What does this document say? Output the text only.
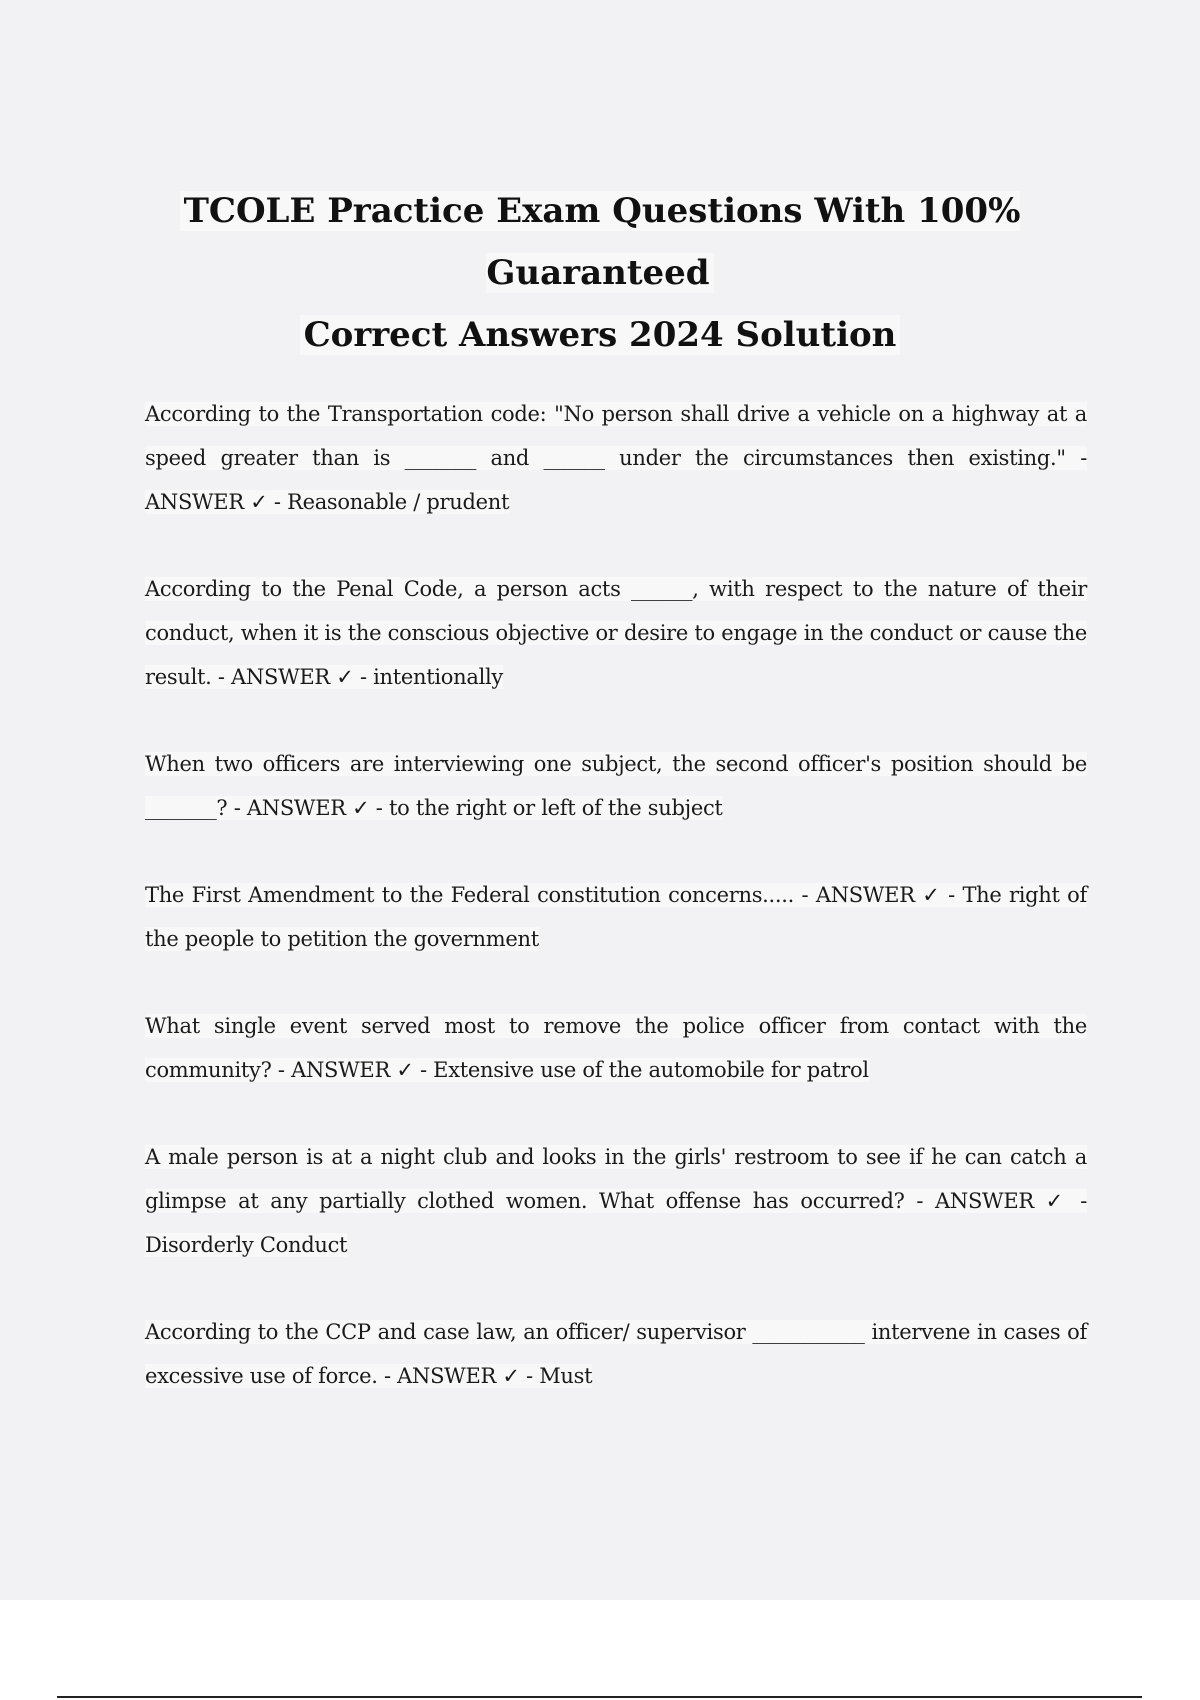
TCOLE Practice Exam Questions With 100% Guaranteed
Correct Answers 2024 Solution

According to the Transportation code: "No person shall drive a vehicle on a highway at a speed greater than is _______ and ______ under the circumstances then existing." - ANSWER ✓ - Reasonable / prudent

According to the Penal Code, a person acts ______, with respect to the nature of their conduct, when it is the conscious objective or desire to engage in the conduct or cause the result. - ANSWER ✓ - intentionally

When two officers are interviewing one subject, the second officer's position should be _______? - ANSWER ✓ - to the right or left of the subject

The First Amendment to the Federal constitution concerns..... - ANSWER ✓ - The right of the people to petition the government

What single event served most to remove the police officer from contact with the community? - ANSWER ✓ - Extensive use of the automobile for patrol

A male person is at a night club and looks in the girls' restroom to see if he can catch a glimpse at any partially clothed women. What offense has occurred? - ANSWER ✓ - Disorderly Conduct

According to the CCP and case law, an officer/ supervisor ___________ intervene in cases of excessive use of force. - ANSWER ✓ - Must
